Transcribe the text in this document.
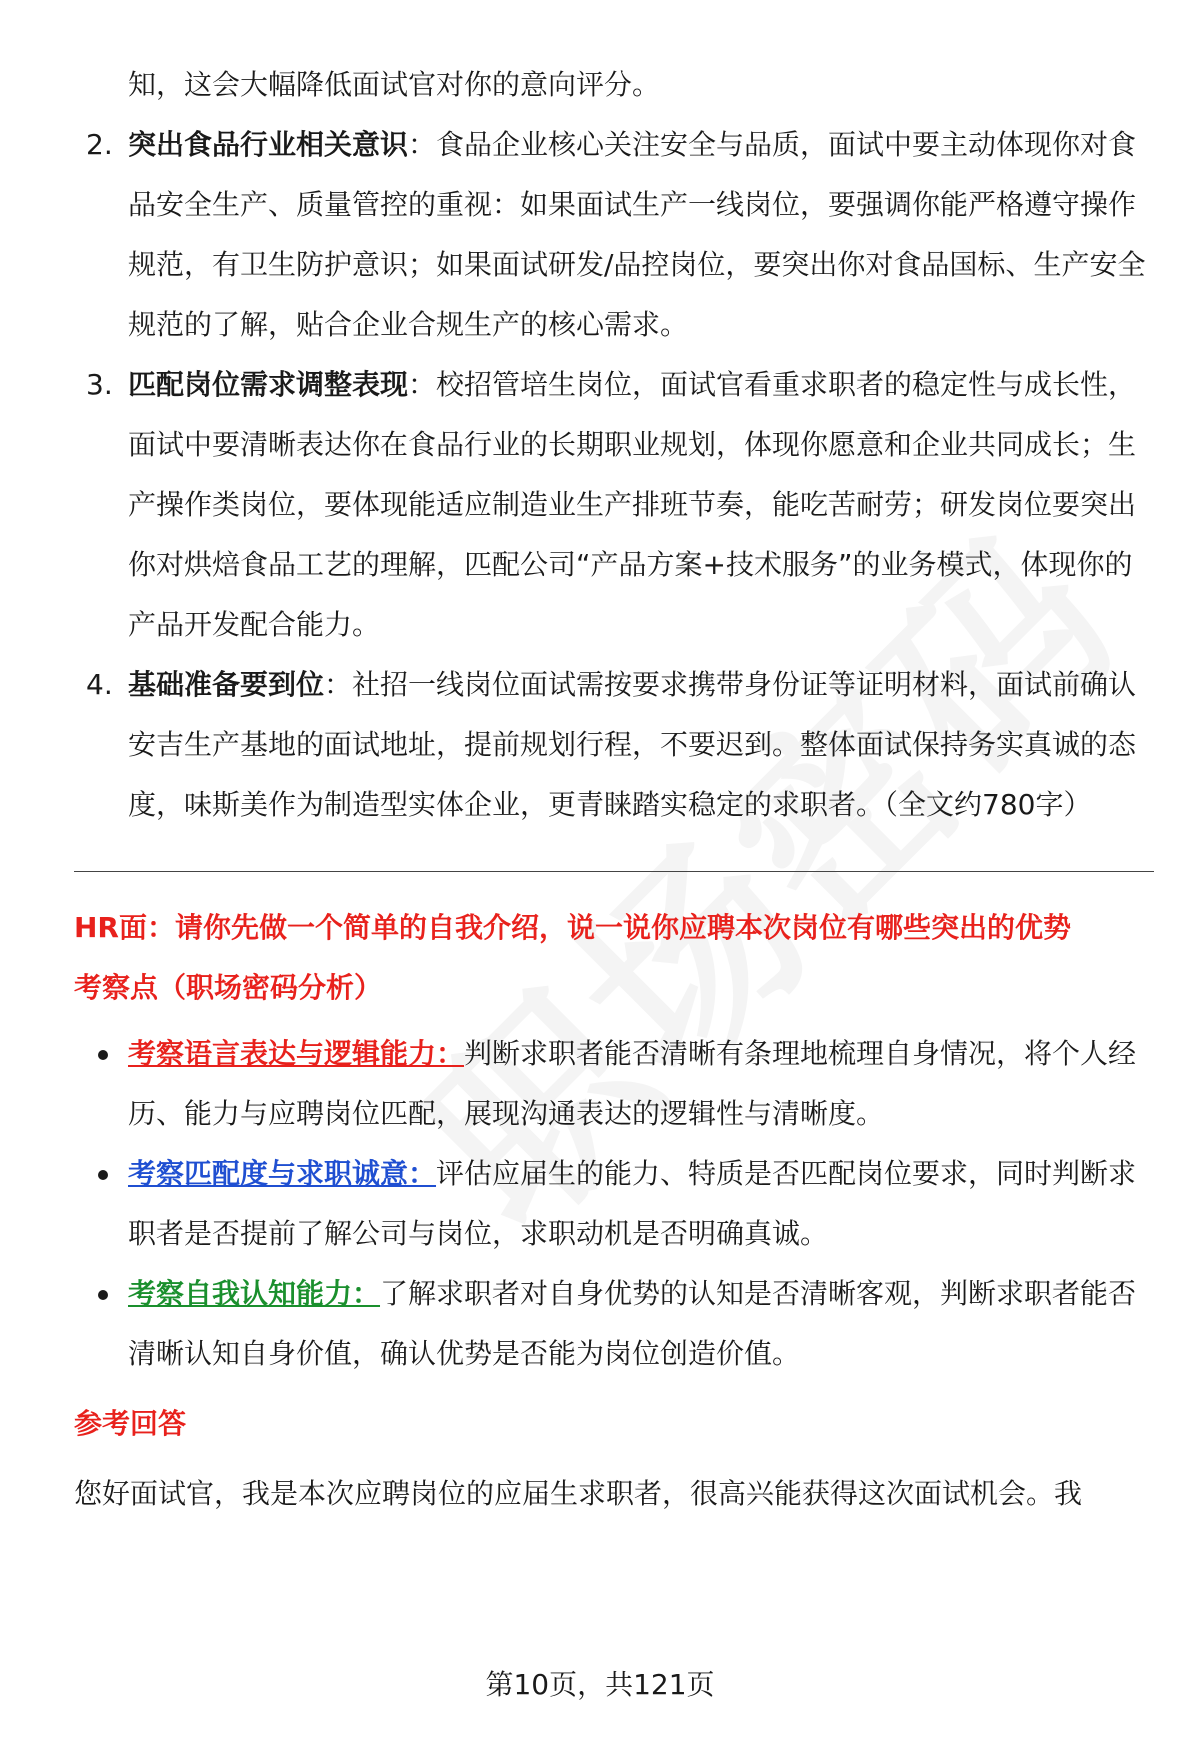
知，这会大幅降低面试官对你的意向评分。

2. 突出食品行业相关意识：食品企业核心关注安全与品质，面试中要主动体现你对食品安全生产、质量管控的重视：如果面试生产一线岗位，要强调你能严格遵守操作规范，有卫生防护意识；如果面试研发/品控岗位，要突出你对食品国标、生产安全规范的了解，贴合企业合规生产的核心需求。
3. 匹配岗位需求调整表现：校招管培生岗位，面试官看重求职者的稳定性与成长性，面试中要清晰表达你在食品行业的长期职业规划，体现你愿意和企业共同成长；生产操作类岗位，要体现能适应制造业生产排班节奏，能吃苦耐劳；研发岗位要突出你对烘焙食品工艺的理解，匹配公司“产品方案+技术服务”的业务模式，体现你的产品开发配合能力。
4. 基础准备要到位：社招一线岗位面试需按要求携带身份证等证明材料，面试前确认安吉生产基地的面试地址，提前规划行程，不要迟到。整体面试保持务实真诚的态度，味斯美作为制造型实体企业，更青睐踏实稳定的求职者。（全文约780字）
HR面：请你先做一个简单的自我介绍，说一说你应聘本次岗位有哪些突出的优势
考察点（职场密码分析）
考察语言表达与逻辑能力：判断求职者能否清晰有条理地梳理自身情况，将个人经历、能力与应聘岗位匹配，展现沟通表达的逻辑性与清晰度。
考察匹配度与求职诚意：评估应届生的能力、特质是否匹配岗位要求，同时判断求职者是否提前了解公司与岗位，求职动机是否明确真诚。
考察自我认知能力：了解求职者对自身优势的认知是否清晰客观，判断求职者能否清晰认知自身价值，确认优势是否能为岗位创造价值。
参考回答

您好面试官，我是本次应聘岗位的应届生求职者，很高兴能获得这次面试机会。我

第10页，共121页
